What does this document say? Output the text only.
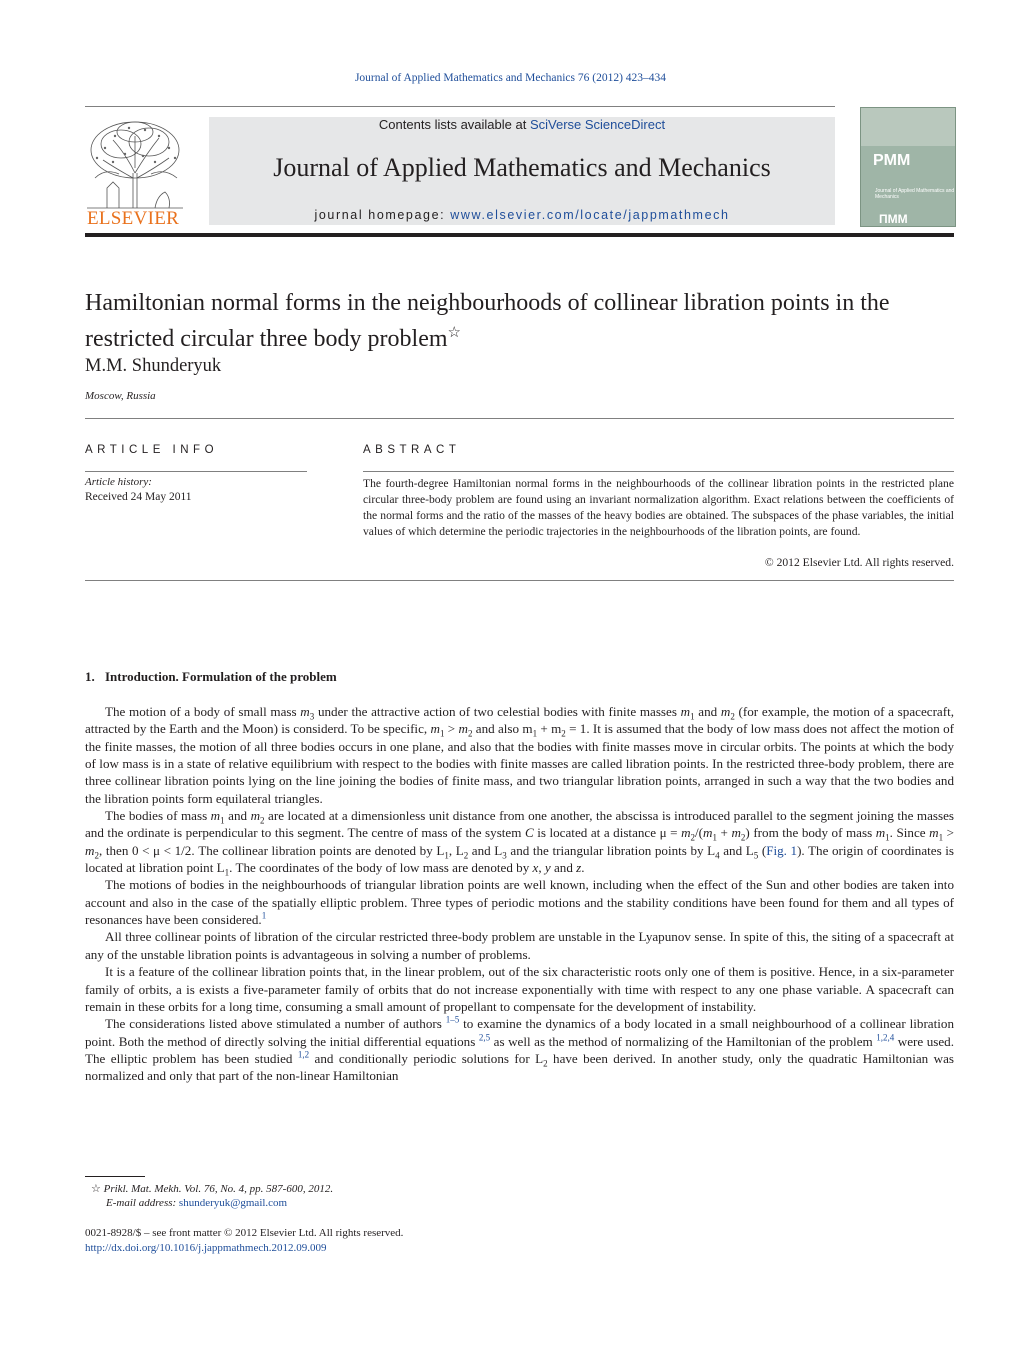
Journal of Applied Mathematics and Mechanics 76 (2012) 423–434
ELSEVIER
Contents lists available at SciVerse ScienceDirect
Journal of Applied Mathematics and Mechanics
journal homepage: www.elsevier.com/locate/jappmathmech
PMM
Journal of Applied Mathematics and Mechanics
ПММ
Hamiltonian normal forms in the neighbourhoods of collinear libration points in the restricted circular three body problem☆
M.M. Shunderyuk
Moscow, Russia
ARTICLE INFO
Article history:
Received 24 May 2011
ABSTRACT
The fourth-degree Hamiltonian normal forms in the neighbourhoods of the collinear libration points in the restricted plane circular three-body problem are found using an invariant normalization algorithm. Exact relations between the coefficients of the normal forms and the ratio of the masses of the heavy bodies are obtained. The subspaces of the phase variables, the initial values of which determine the periodic trajectories in the neighbourhoods of the libration points, are found.
© 2012 Elsevier Ltd. All rights reserved.
1. Introduction. Formulation of the problem

The motion of a body of small mass $m_3$ under the attractive action of two celestial bodies with finite masses $m_1$ and $m_2$ (for example, the motion of a spacecraft, attracted by the Earth and the Moon) is considerd. To be specific, $m_1 > m_2$ and also $m_1 + m_2 = 1$. It is assumed that the body of low mass does not affect the motion of the finite masses, the motion of all three bodies occurs in one plane, and also that the bodies with finite masses move in circular orbits. The points at which the body of low mass is in a state of relative equilibrium with respect to the bodies with finite masses are called libration points. In the restricted three-body problem, there are three collinear libration points lying on the line joining the bodies of finite mass, and two triangular libration points, arranged in such a way that the two bodies and the libration points form equilateral triangles.

The bodies of mass $m_1$ and $m_2$ are located at a dimensionless unit distance from one another, the abscissa is introduced parallel to the segment joining the masses and the ordinate is perpendicular to this segment. The centre of mass of the system C is located at a distance $\mu = m_2/(m_1 + m_2)$ from the body of mass $m_1$. Since $m_1 > m_2$, then 0 < μ < 1/2. The collinear libration points are denoted by $L_1$, $L_2$ and $L_3$ and the triangular libration points by $L_4$ and $L_5$ (Fig. 1). The origin of coordinates is located at libration point $L_1$. The coordinates of the body of low mass are denoted by x, y and z.

The motions of bodies in the neighbourhoods of triangular libration points are well known, including when the effect of the Sun and other bodies are taken into account and also in the case of the spatially elliptic problem. Three types of periodic motions and the stability conditions have been found for them and all types of resonances have been considered.$^1$

All three collinear points of libration of the circular restricted three-body problem are unstable in the Lyapunov sense. In spite of this, the siting of a spacecraft at any of the unstable libration points is advantageous in solving a number of problems.

It is a feature of the collinear libration points that, in the linear problem, out of the six characteristic roots only one of them is positive. Hence, in a six-parameter family of orbits, a is exists a five-parameter family of orbits that do not increase exponentially with time with respect to any one phase variable. A spacecraft can remain in these orbits for a long time, consuming a small amount of propellant to compensate for the development of instability.

The considerations listed above stimulated a number of authors $^{1-5}$ to examine the dynamics of a body located in a small neighbourhood of a collinear libration point. Both the method of directly solving the initial differential equations $^{2,5}$ as well as the method of normalizing of the Hamiltonian of the problem $^{1,2,4}$ were used. The elliptic problem has been studied $^{1,2}$ and conditionally periodic solutions for $L_2$ have been derived. In another study, only the quadratic Hamiltonian was normalized and only that part of the non-linear Hamiltonian

☆ Prikl. Mat. Mekh. Vol. 76, No. 4, pp. 587-600, 2012.
E-mail address: shunderyuk@gmail.com
0021-8928/$ – see front matter © 2012 Elsevier Ltd. All rights reserved.
http://dx.doi.org/10.1016/j.jappmathmech.2012.09.009
